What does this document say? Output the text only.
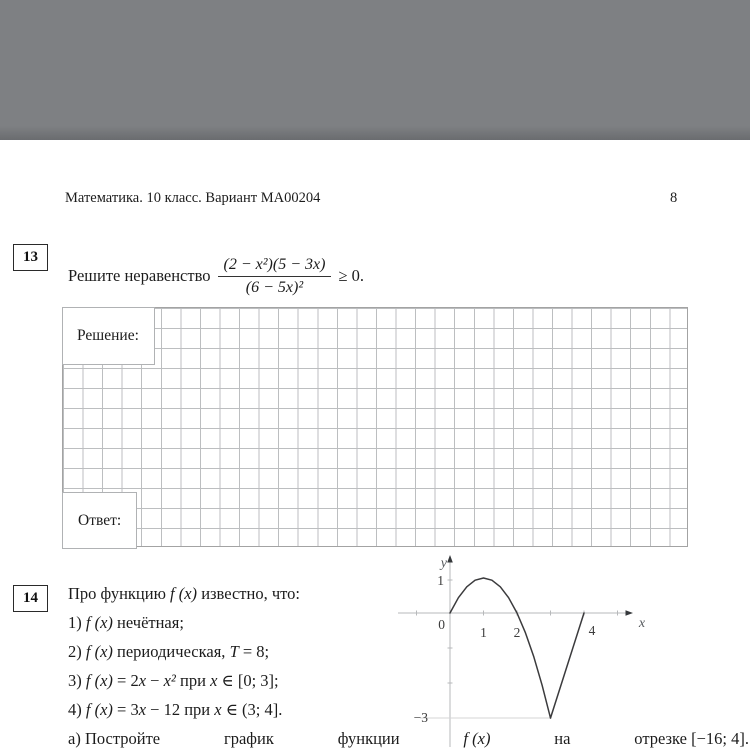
Математика. 10 класс. Вариант МА00204	8
13
Решите неравенство $\frac{\text{(2 − x²)(5 − 3x)}}{\text{(6 − 5x)²}} \ge 0$.
Решение:
Ответ:
14 Про функцию f (x) известно, что:
1) f (x) нечётная;
2) f (x) периодическая, T = 8;
3) f (x) = 2x − x² при x ∈ [0; 3];
4) f (x) = 3x − 12 при x ∈ (3; 4].
а) Постройте	график	функции	f (x)	на	отрезке [−16; 4].
y
1
0
1 2	4	x
−3
